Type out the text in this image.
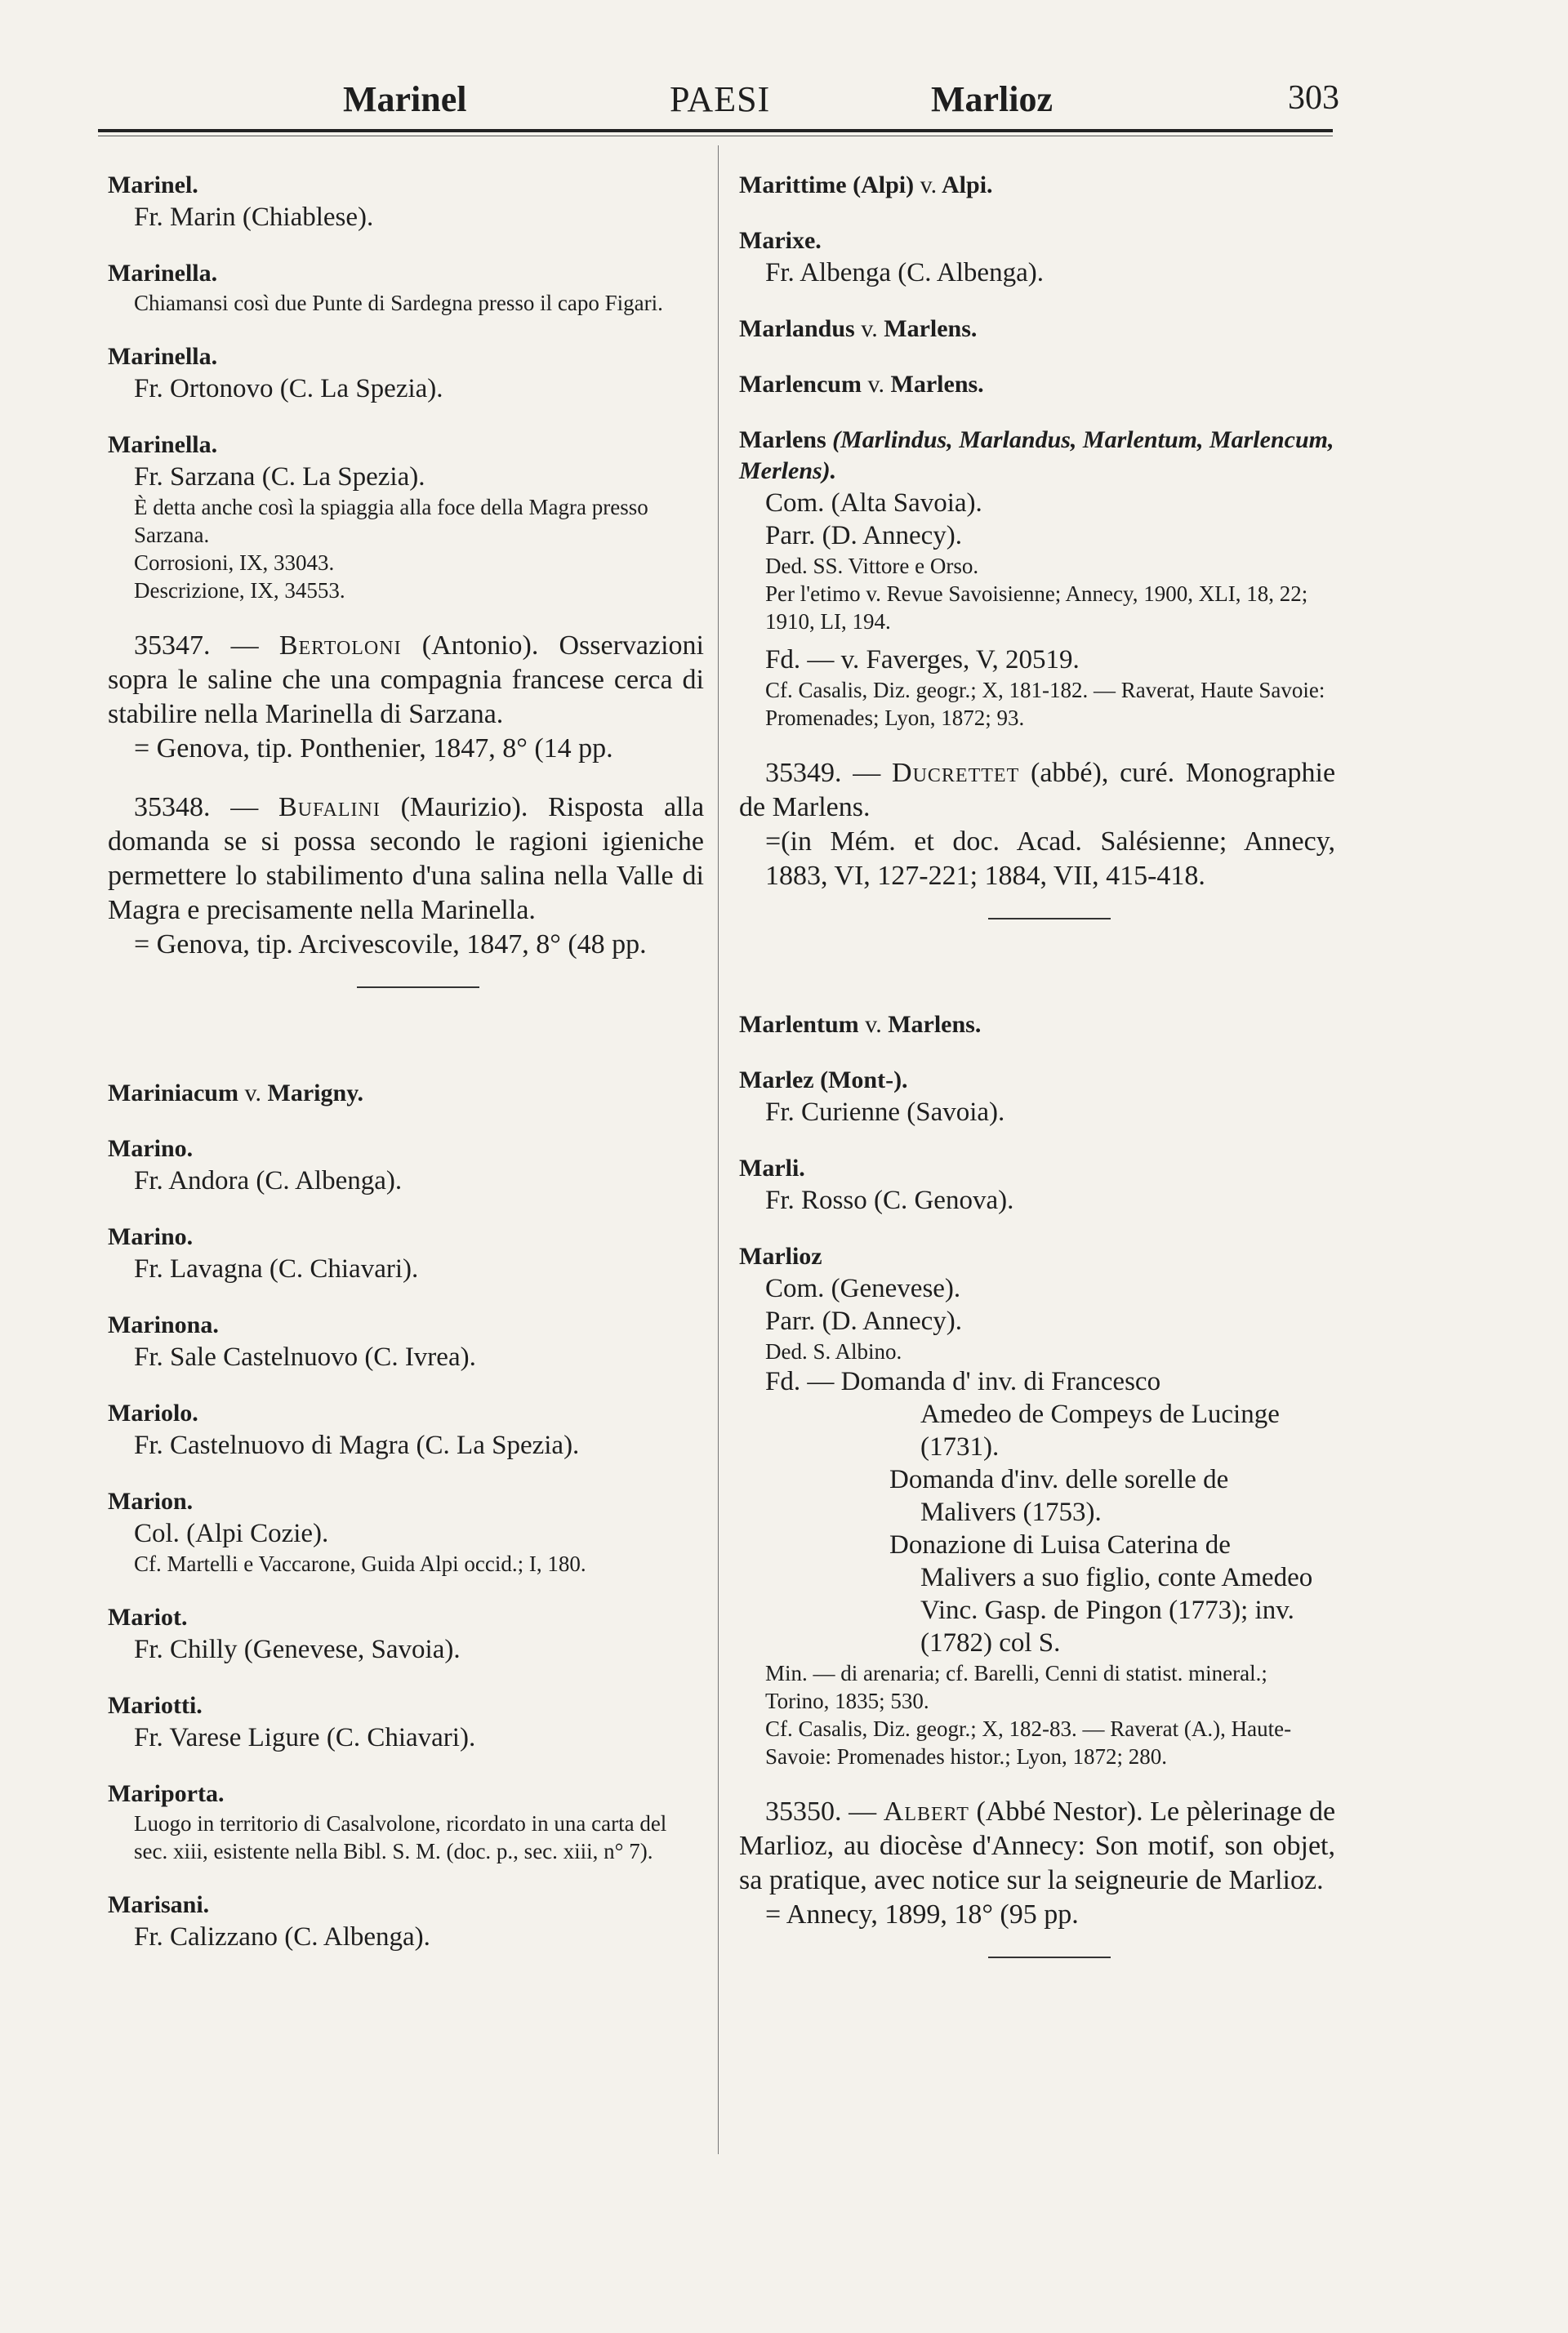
Marinel	PAESI	Marlioz	303
Marinel.
Fr. Marin (Chiablese).
Marinella.
Chiamansi così due Punte di Sardegna presso il capo Figari.
Marinella.
Fr. Ortonovo (C. La Spezia).
Marinella.
Fr. Sarzana (C. La Spezia).
È detta anche così la spiaggia alla foce della Magra presso Sarzana.
Corrosioni, IX, 33043.
Descrizione, IX, 34553.
35347. — Bertoloni (Antonio). Osservazioni sopra le saline che una compagnia francese cerca di stabilire nella Marinella di Sarzana.
= Genova, tip. Ponthenier, 1847, 8° (14 pp.
35348. — Bufalini (Maurizio). Risposta alla domanda se si possa secondo le ragioni igieniche permettere lo stabilimento d'una salina nella Valle di Magra e precisamente nella Marinella.
= Genova, tip. Arcivescovile, 1847, 8° (48 pp.
Mariniacum v. Marigny.
Marino.
Fr. Andora (C. Albenga).
Marino.
Fr. Lavagna (C. Chiavari).
Marinona.
Fr. Sale Castelnuovo (C. Ivrea).
Mariolo.
Fr. Castelnuovo di Magra (C. La Spezia).
Marion.
Col. (Alpi Cozie).
Cf. Martelli e Vaccarone, Guida Alpi occid.; I, 180.
Mariot.
Fr. Chilly (Genevese, Savoia).
Mariotti.
Fr. Varese Ligure (C. Chiavari).
Mariporta.
Luogo in territorio di Casalvolone, ricordato in una carta del sec. xiii, esistente nella Bibl. S. M. (doc. p., sec. xiii, n° 7).
Marisani.
Fr. Calizzano (C. Albenga).
Marittime (Alpi) v. Alpi.
Marixe.
Fr. Albenga (C. Albenga).
Marlandus v. Marlens.
Marlencum v. Marlens.
Marlens (Marlindus, Marlandus, Marlentum, Marlencum, Merlens).
Com. (Alta Savoia).
Parr. (D. Annecy).
Ded. SS. Vittore e Orso.
Per l'etimo v. Revue Savoisienne; Annecy, 1900, XLI, 18, 22; 1910, LI, 194.
Fd. — v. Faverges, V, 20519.
Cf. Casalis, Diz. geogr.; X, 181-182. — Raverat, Haute Savoie: Promenades; Lyon, 1872; 93.
35349. — Ducrettet (abbé), curé. Monographie de Marlens.
=(in Mém. et doc. Acad. Salésienne; Annecy, 1883, VI, 127-221; 1884, VII, 415-418.
Marlentum v. Marlens.
Marlez (Mont-).
Fr. Curienne (Savoia).
Marli.
Fr. Rosso (C. Genova).
Marlioz
Com. (Genevese).
Parr. (D. Annecy).
Ded. S. Albino.
Fd. — Domanda d' inv. di Francesco
Amedeo de Compeys de Lucinge (1731).
Domanda d'inv. delle sorelle de
Malivers (1753).
Donazione di Luisa Caterina de
Malivers a suo figlio, conte Amedeo Vinc. Gasp. de Pingon (1773); inv. (1782) col S.
Min. — di arenaria; cf. Barelli, Cenni di statist. mineral.; Torino, 1835; 530.
Cf. Casalis, Diz. geogr.; X, 182-83. — Raverat (A.), Haute-Savoie: Promenades histor.; Lyon, 1872; 280.
35350. — Albert (Abbé Nestor). Le pèlerinage de Marlioz, au diocèse d'Annecy: Son motif, son objet, sa pratique, avec notice sur la seigneurie de Marlioz.
= Annecy, 1899, 18° (95 pp.
